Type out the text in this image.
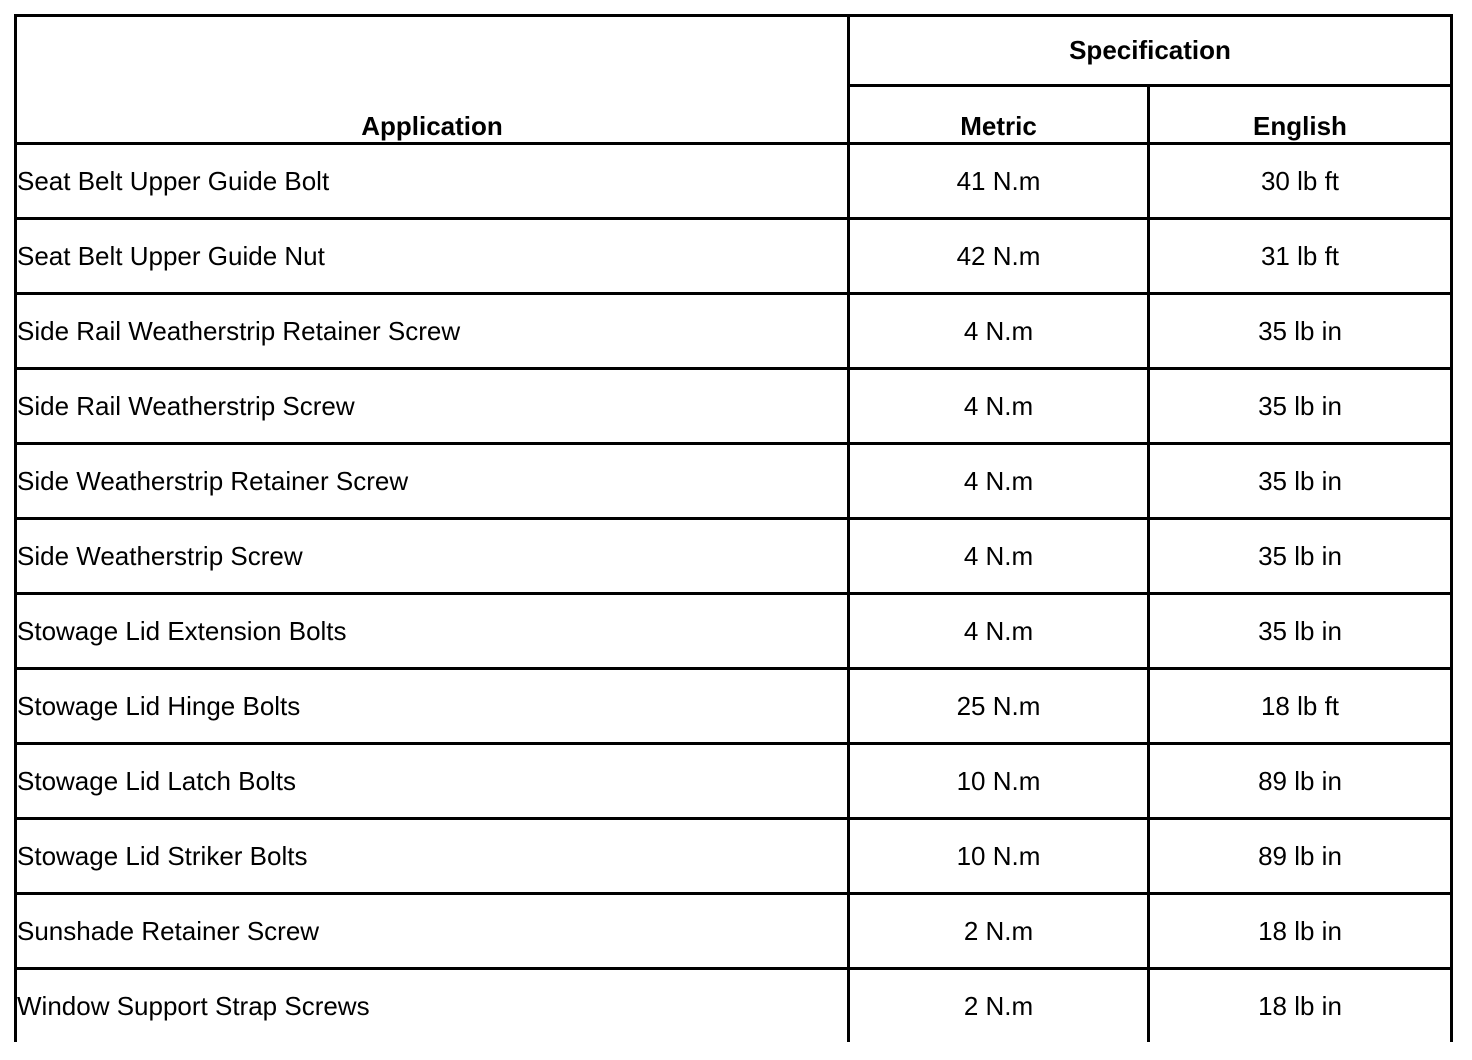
Application	Specification	
	Metric	English
Seat Belt Upper Guide Bolt	41 N.m	30 lb ft
Seat Belt Upper Guide Nut	42 N.m	31 lb ft
Side Rail Weatherstrip Retainer Screw	4 N.m	35 lb in
Side Rail Weatherstrip Screw	4 N.m	35 lb in
Side Weatherstrip Retainer Screw	4 N.m	35 lb in
Side Weatherstrip Screw	4 N.m	35 lb in
Stowage Lid Extension Bolts	4 N.m	35 lb in
Stowage Lid Hinge Bolts	25 N.m	18 lb ft
Stowage Lid Latch Bolts	10 N.m	89 lb in
Stowage Lid Striker Bolts	10 N.m	89 lb in
Sunshade Retainer Screw	2 N.m	18 lb in
Window Support Strap Screws	2 N.m	18 lb in
